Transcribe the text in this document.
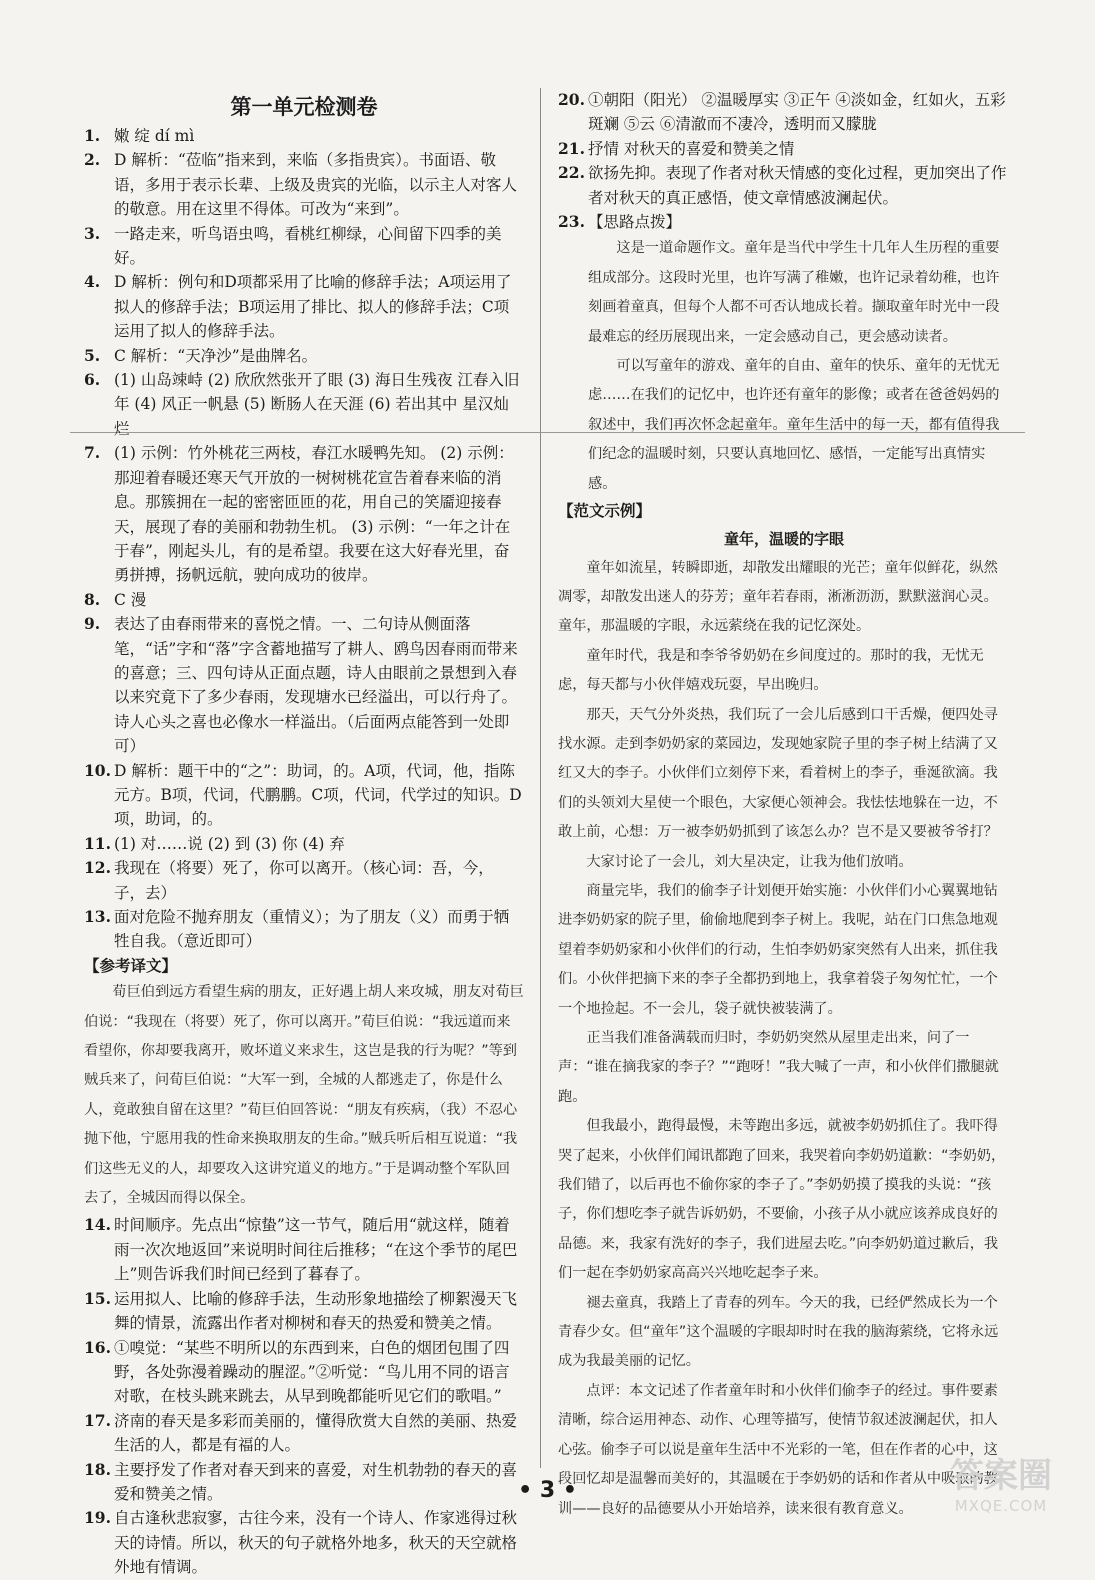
第一单元检测卷
1. 嫩 绽 dí mì
2. D 解析：“莅临”指来到，来临（多指贵宾）。书面语、敬语，多用于表示长辈、上级及贵宾的光临，以示主人对客人的敬意。用在这里不得体。可改为“来到”。
3. 一路走来，听鸟语虫鸣，看桃红柳绿，心间留下四季的美好。
4. D 解析：例句和D项都采用了比喻的修辞手法；A项运用了拟人的修辞手法；B项运用了排比、拟人的修辞手法；C项运用了拟人的修辞手法。
5. C 解析：“天净沙”是曲牌名。
6. (1) 山岛竦峙 (2) 欣欣然张开了眼 (3) 海日生残夜 江春入旧年 (4) 风正一帆悬 (5) 断肠人在天涯 (6) 若出其中 星汉灿烂
7. (1) 示例：竹外桃花三两枝，春江水暖鸭先知。 (2) 示例：那迎着春暖还寒天气开放的一树树桃花宣告着春来临的消息。那簇拥在一起的密密匝匝的花，用自己的笑靥迎接春天，展现了春的美丽和勃勃生机。 (3) 示例：“一年之计在于春”，刚起头儿，有的是希望。我要在这大好春光里，奋勇拼搏，扬帆远航，驶向成功的彼岸。
8. C 漫
9. 表达了由春雨带来的喜悦之情。一、二句诗从侧面落笔，“话”字和“落”字含蓄地描写了耕人、鸥鸟因春雨而带来的喜意；三、四句诗从正面点题，诗人由眼前之景想到入春以来究竟下了多少春雨，发现塘水已经溢出，可以行舟了。诗人心头之喜也必像水一样溢出。（后面两点能答到一处即可）
10. D 解析：题干中的“之”：助词，的。A项，代词，他，指陈元方。B项，代词，代鹏鹏。C项，代词，代学过的知识。D项，助词，的。
11. (1) 对……说 (2) 到 (3) 你 (4) 弃
12. 我现在（将要）死了，你可以离开。（核心词：吾，今，子，去）
13. 面对危险不抛弃朋友（重情义）；为了朋友（义）而勇于牺牲自我。（意近即可）
【参考译文】
荀巨伯到远方看望生病的朋友，正好遇上胡人来攻城，朋友对荀巨伯说：“我现在（将要）死了，你可以离开。”荀巨伯说：“我远道而来看望你，你却要我离开，败坏道义来求生，这岂是我的行为呢？”等到贼兵来了，问荀巨伯说：“大军一到，全城的人都逃走了，你是什么人，竟敢独自留在这里？”荀巨伯回答说：“朋友有疾病，（我）不忍心抛下他，宁愿用我的性命来换取朋友的生命。”贼兵听后相互说道：“我们这些无义的人，却要攻入这讲究道义的地方。”于是调动整个军队回去了，全城因而得以保全。
14. 时间顺序。先点出“惊蛰”这一节气，随后用“就这样，随着雨一次次地返回”来说明时间往后推移；“在这个季节的尾巴上”则告诉我们时间已经到了暮春了。
15. 运用拟人、比喻的修辞手法，生动形象地描绘了柳絮漫天飞舞的情景，流露出作者对柳树和春天的热爱和赞美之情。
16. ①嗅觉：“某些不明所以的东西到来，白色的烟团包围了四野，各处弥漫着躁动的腥涩。”②听觉：“鸟儿用不同的语言对歌，在枝头跳来跳去，从早到晚都能听见它们的歌唱。”
17. 济南的春天是多彩而美丽的，懂得欣赏大自然的美丽、热爱生活的人，都是有福的人。
18. 主要抒发了作者对春天到来的喜爱，对生机勃勃的春天的喜爱和赞美之情。
19. 自古逢秋悲寂寥，古往今来，没有一个诗人、作家逃得过秋天的诗情。所以，秋天的句子就格外地多，秋天的天空就格外地有情调。
20. ①朝阳（阳光） ②温暖厚实 ③正午 ④淡如金，红如火，五彩斑斓 ⑤云 ⑥清澈而不凄冷，透明而又朦胧
21. 抒情 对秋天的喜爱和赞美之情
22. 欲扬先抑。表现了作者对秋天情感的变化过程，更加突出了作者对秋天的真正感悟，使文章情感波澜起伏。
23. 【思路点拨】
这是一道命题作文。童年是当代中学生十几年人生历程的重要组成部分。这段时光里，也许写满了稚嫩，也许记录着幼稚，也许刻画着童真，但每个人都不可否认地成长着。撷取童年时光中一段最难忘的经历展现出来，一定会感动自己，更会感动读者。
可以写童年的游戏、童年的自由、童年的快乐、童年的无忧无虑……在我们的记忆中，也许还有童年的影像；或者在爸爸妈妈的叙述中，我们再次怀念起童年。童年生活中的每一天，都有值得我们纪念的温暖时刻，只要认真地回忆、感悟，一定能写出真情实感。
【范文示例】
童年，温暖的字眼
童年如流星，转瞬即逝，却散发出耀眼的光芒；童年似鲜花，纵然凋零，却散发出迷人的芬芳；童年若春雨，淅淅沥沥，默默滋润心灵。童年，那温暖的字眼，永远萦绕在我的记忆深处。
童年时代，我是和李爷爷奶奶在乡间度过的。那时的我，无忧无虑，每天都与小伙伴嬉戏玩耍，早出晚归。
那天，天气分外炎热，我们玩了一会儿后感到口干舌燥，便四处寻找水源。走到李奶奶家的菜园边，发现她家院子里的李子树上结满了又红又大的李子。小伙伴们立刻停下来，看着树上的李子，垂涎欲滴。我们的头领刘大星使一个眼色，大家便心领神会。我怯怯地躲在一边，不敢上前，心想：万一被李奶奶抓到了该怎么办？岂不是又要被爷爷打？
大家讨论了一会儿，刘大星决定，让我为他们放哨。
商量完毕，我们的偷李子计划便开始实施：小伙伴们小心翼翼地钻进李奶奶家的院子里，偷偷地爬到李子树上。我呢，站在门口焦急地观望着李奶奶家和小伙伴们的行动，生怕李奶奶家突然有人出来，抓住我们。小伙伴把摘下来的李子全都扔到地上，我拿着袋子匆匆忙忙，一个一个地捡起。不一会儿，袋子就快被装满了。
正当我们准备满载而归时，李奶奶突然从屋里走出来，问了一声：“谁在摘我家的李子？”“跑呀！”我大喊了一声，和小伙伴们撒腿就跑。
但我最小，跑得最慢，未等跑出多远，就被李奶奶抓住了。我吓得哭了起来，小伙伴们闻讯都跑了回来，我哭着向李奶奶道歉：“李奶奶，我们错了，以后再也不偷你家的李子了。”李奶奶摸了摸我的头说：“孩子，你们想吃李子就告诉奶奶，不要偷，小孩子从小就应该养成良好的品德。来，我家有洗好的李子，我们进屋去吃。”向李奶奶道过歉后，我们一起在李奶奶家高高兴兴地吃起李子来。
褪去童真，我踏上了青春的列车。今天的我，已经俨然成长为一个青春少女。但“童年”这个温暖的字眼却时时在我的脑海萦绕，它将永远成为我最美丽的记忆。
点评：本文记述了作者童年时和小伙伴们偷李子的经过。事件要素清晰，综合运用神态、动作、心理等描写，使情节叙述波澜起伏，扣人心弦。偷李子可以说是童年生活中不光彩的一笔，但在作者的心中，这段回忆却是温馨而美好的，其温暖在于李奶奶的话和作者从中吸取的教训——良好的品德要从小开始培养，读来很有教育意义。
• 3 •	答案圈
MXQE.COM
